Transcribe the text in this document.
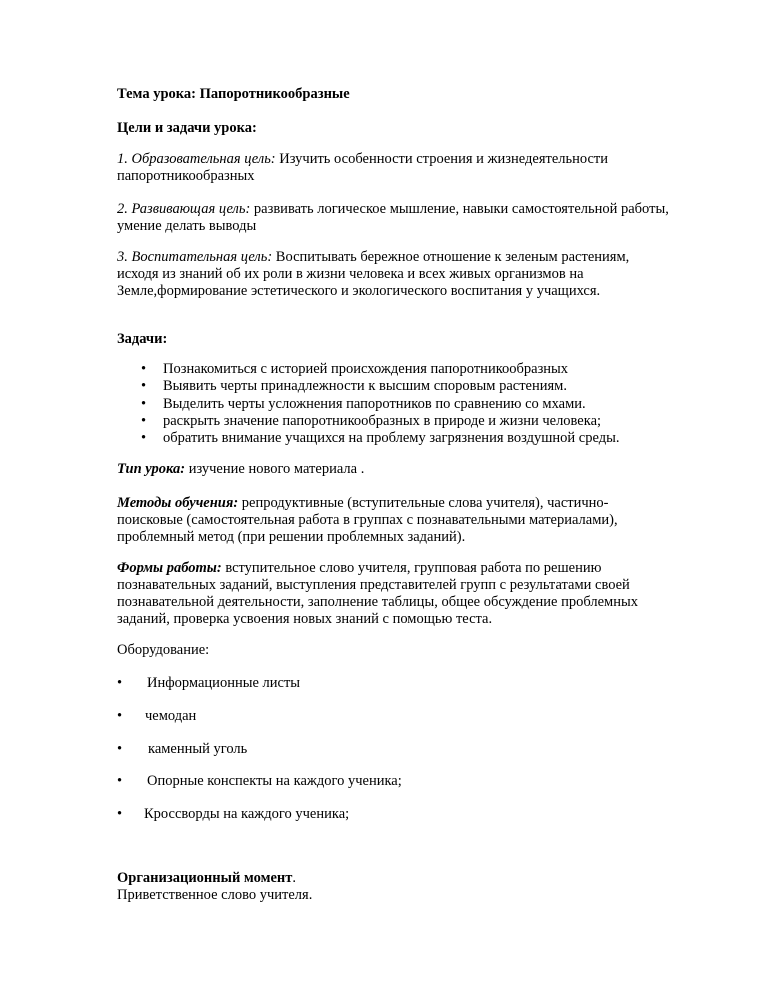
Тема урока: Папоротникообразные

Цели и задачи урока:

1. Образовательная цель: Изучить особенности строения и жизнедеятельности папоротникообразных

2. Развивающая цель: развивать логическое мышление, навыки самостоятельной работы, умение делать выводы

3. Воспитательная цель: Воспитывать бережное отношение к зеленым растениям, исходя из знаний об их роли в жизни человека и всех живых организмов на Земле,формирование эстетического и экологического воспитания у учащихся.

Задачи:

• Познакомиться с историей происхождения папоротникообразных
• Выявить черты принадлежности к высшим споровым растениям.
• Выделить черты усложнения папоротников по сравнению со мхами.
• раскрыть значение папоротникообразных в природе и жизни человека;
• обратить внимание учащихся на проблему загрязнения воздушной среды.

Тип урока: изучение нового материала .

Методы обучения: репродуктивные (вступительные слова учителя), частично-поисковые (самостоятельная работа в группах с познавательными материалами), проблемный метод (при решении проблемных заданий).

Формы работы: вступительное слово учителя, групповая работа по решению познавательных заданий, выступления представителей групп с результатами своей познавательной деятельности, заполнение таблицы, общее обсуждение проблемных заданий, проверка усвоения новых знаний с помощью теста.

Оборудование:

• Информационные листы
• чемодан
• каменный уголь
• Опорные конспекты на каждого ученика;
• Кроссворды на каждого ученика;

Организационный момент.

Приветственное слово учителя.
